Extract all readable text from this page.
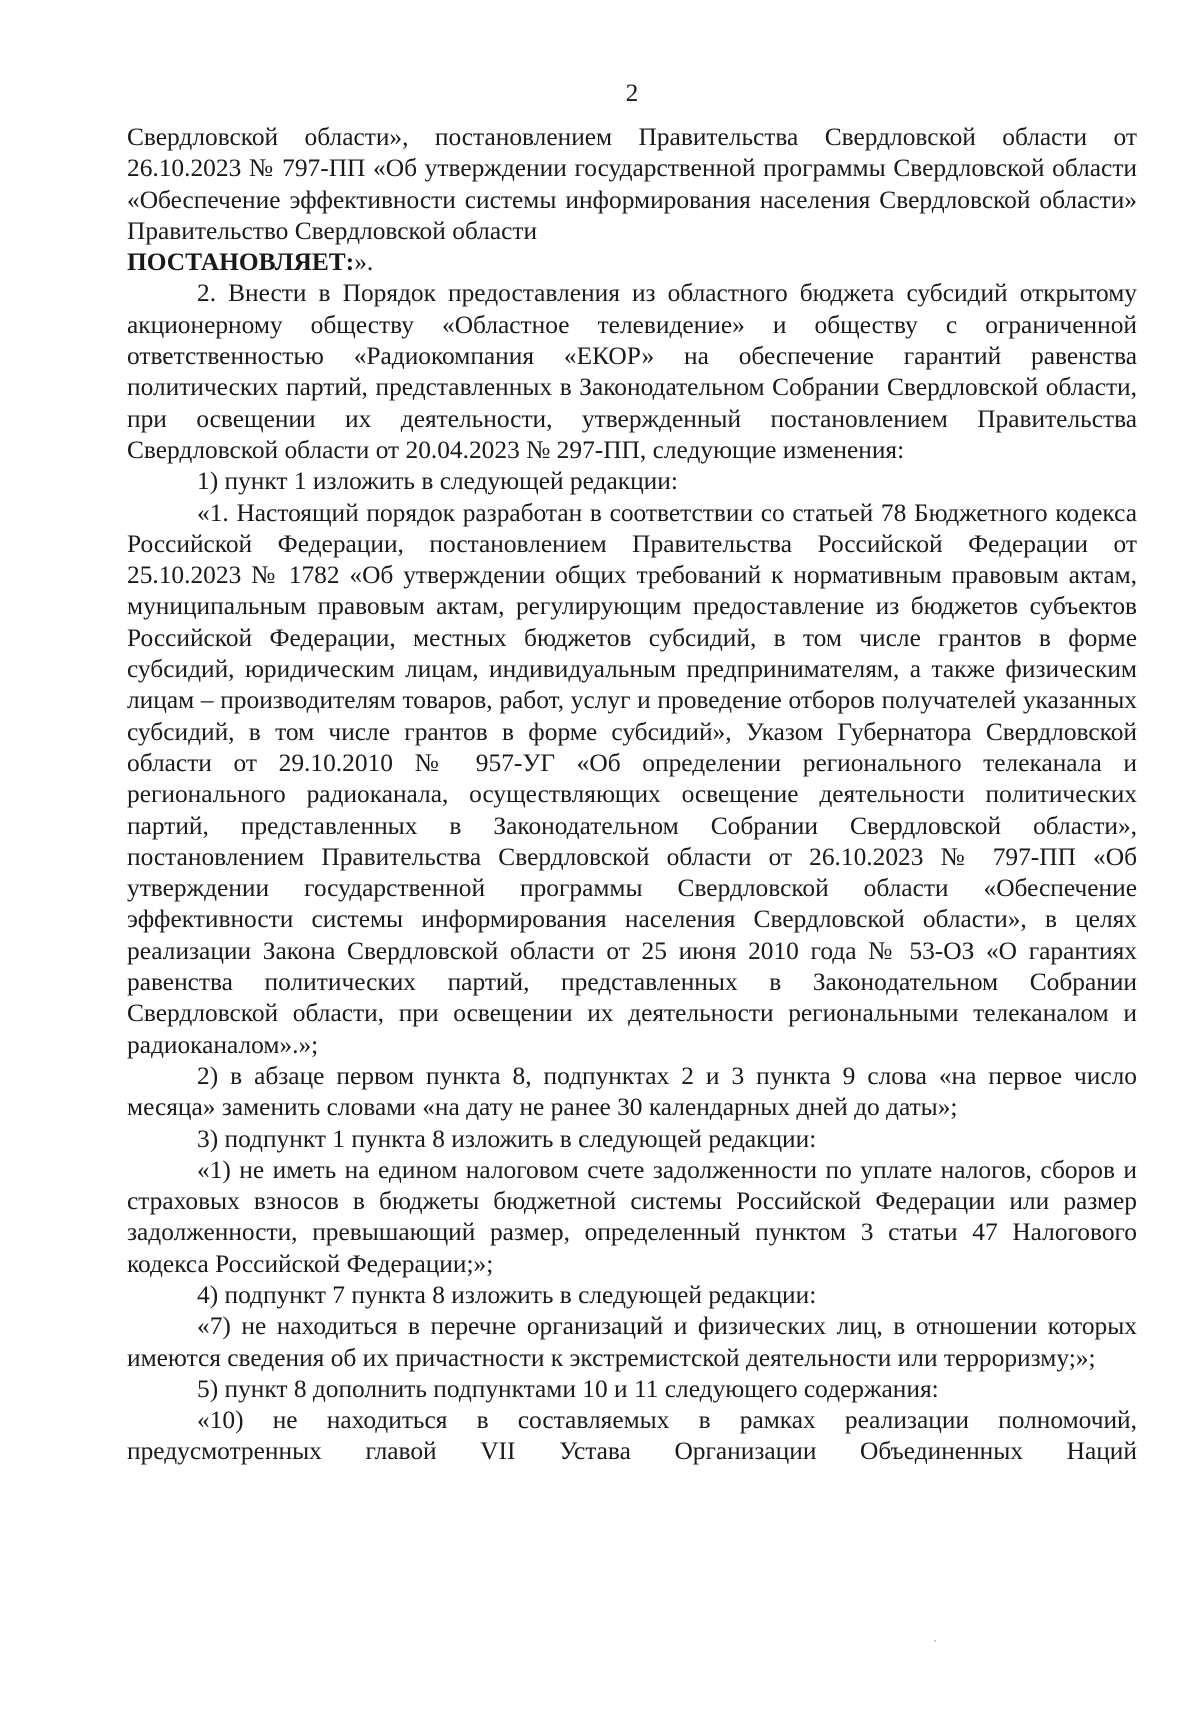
2

Свердловской области», постановлением Правительства Свердловской области от 26.10.2023 № 797-ПП «Об утверждении государственной программы Свердловской области «Обеспечение эффективности системы информирования населения Свердловской области» Правительство Свердловской области

ПОСТАНОВЛЯЕТ:».

2. Внести в Порядок предоставления из областного бюджета субсидий открытому акционерному обществу «Областное телевидение» и обществу с ограниченной ответственностью «Радиокомпания «ЕКОР» на обеспечение гарантий равенства политических партий, представленных в Законодательном Собрании Свердловской области, при освещении их деятельности, утвержденный постановлением Правительства Свердловской области от 20.04.2023 № 297-ПП, следующие изменения:

1) пункт 1 изложить в следующей редакции:

«1. Настоящий порядок разработан в соответствии со статьей 78 Бюджетного кодекса Российской Федерации, постановлением Правительства Российской Федерации от 25.10.2023 № 1782 «Об утверждении общих требований к нормативным правовым актам, муниципальным правовым актам, регулирующим предоставление из бюджетов субъектов Российской Федерации, местных бюджетов субсидий, в том числе грантов в форме субсидий, юридическим лицам, индивидуальным предпринимателям, а также физическим лицам – производителям товаров, работ, услуг и проведение отборов получателей указанных субсидий, в том числе грантов в форме субсидий», Указом Губернатора Свердловской области от 29.10.2010 № 957-УГ «Об определении регионального телеканала и регионального радиоканала, осуществляющих освещение деятельности политических партий, представленных в Законодательном Собрании Свердловской области», постановлением Правительства Свердловской области от 26.10.2023 № 797-ПП «Об утверждении государственной программы Свердловской области «Обеспечение эффективности системы информирования населения Свердловской области», в целях реализации Закона Свердловской области от 25 июня 2010 года № 53-ОЗ «О гарантиях равенства политических партий, представленных в Законодательном Собрании Свердловской области, при освещении их деятельности региональными телеканалом и радиоканалом».»;

2) в абзаце первом пункта 8, подпунктах 2 и 3 пункта 9 слова «на первое число месяца» заменить словами «на дату не ранее 30 календарных дней до даты»;

3) подпункт 1 пункта 8 изложить в следующей редакции:

«1) не иметь на едином налоговом счете задолженности по уплате налогов, сборов и страховых взносов в бюджеты бюджетной системы Российской Федерации или размер задолженности, превышающий размер, определенный пунктом 3 статьи 47 Налогового кодекса Российской Федерации;»;

4) подпункт 7 пункта 8 изложить в следующей редакции:

«7) не находиться в перечне организаций и физических лиц, в отношении которых имеются сведения об их причастности к экстремистской деятельности или терроризму;»;

5) пункт 8 дополнить подпунктами 10 и 11 следующего содержания:

«10) не находиться в составляемых в рамках реализации полномочий, предусмотренных главой VII Устава Организации Объединенных Наций
